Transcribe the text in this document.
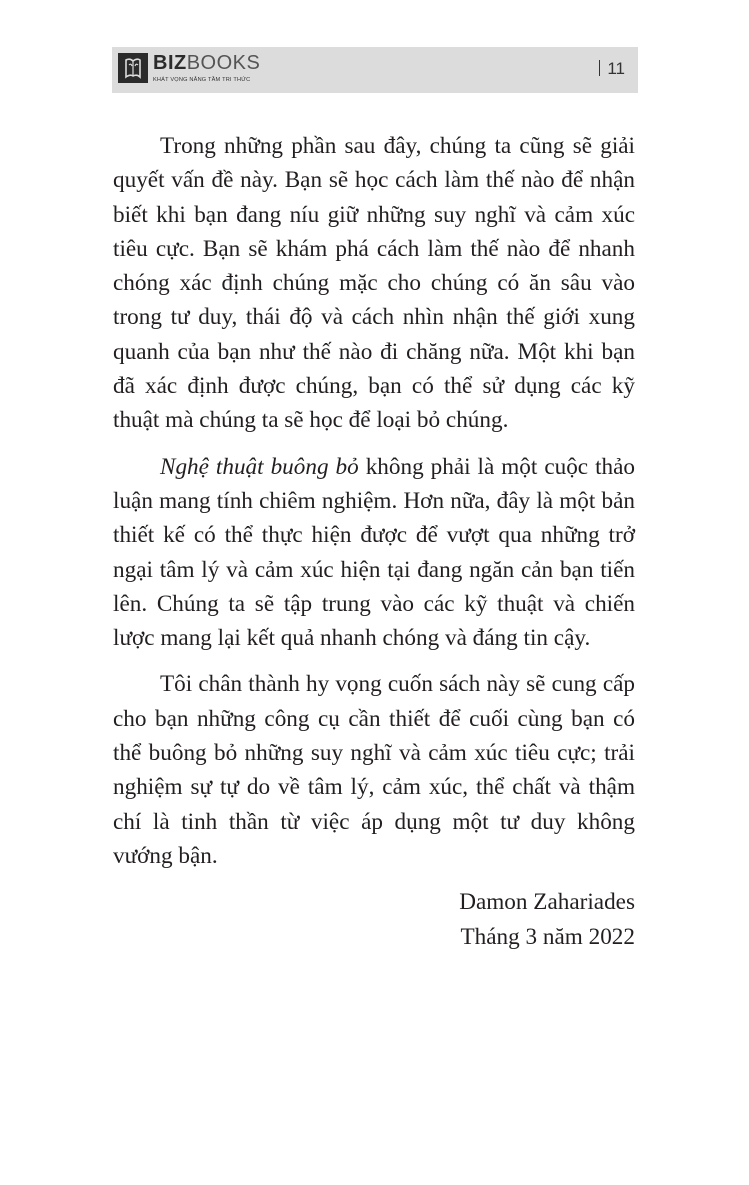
BIZBOOKS
KHÁT VỌNG NÂNG TẦM TRI THỨC
11

Trong những phần sau đây, chúng ta cũng sẽ giải quyết vấn đề này. Bạn sẽ học cách làm thế nào để nhận biết khi bạn đang níu giữ những suy nghĩ và cảm xúc tiêu cực. Bạn sẽ khám phá cách làm thế nào để nhanh chóng xác định chúng mặc cho chúng có ăn sâu vào trong tư duy, thái độ và cách nhìn nhận thế giới xung quanh của bạn như thế nào đi chăng nữa. Một khi bạn đã xác định được chúng, bạn có thể sử dụng các kỹ thuật mà chúng ta sẽ học để loại bỏ chúng.

Nghệ thuật buông bỏ không phải là một cuộc thảo luận mang tính chiêm nghiệm. Hơn nữa, đây là một bản thiết kế có thể thực hiện được để vượt qua những trở ngại tâm lý và cảm xúc hiện tại đang ngăn cản bạn tiến lên. Chúng ta sẽ tập trung vào các kỹ thuật và chiến lược mang lại kết quả nhanh chóng và đáng tin cậy.

Tôi chân thành hy vọng cuốn sách này sẽ cung cấp cho bạn những công cụ cần thiết để cuối cùng bạn có thể buông bỏ những suy nghĩ và cảm xúc tiêu cực; trải nghiệm sự tự do về tâm lý, cảm xúc, thể chất và thậm chí là tinh thần từ việc áp dụng một tư duy không vướng bận.

Damon Zahariades

Tháng 3 năm 2022
